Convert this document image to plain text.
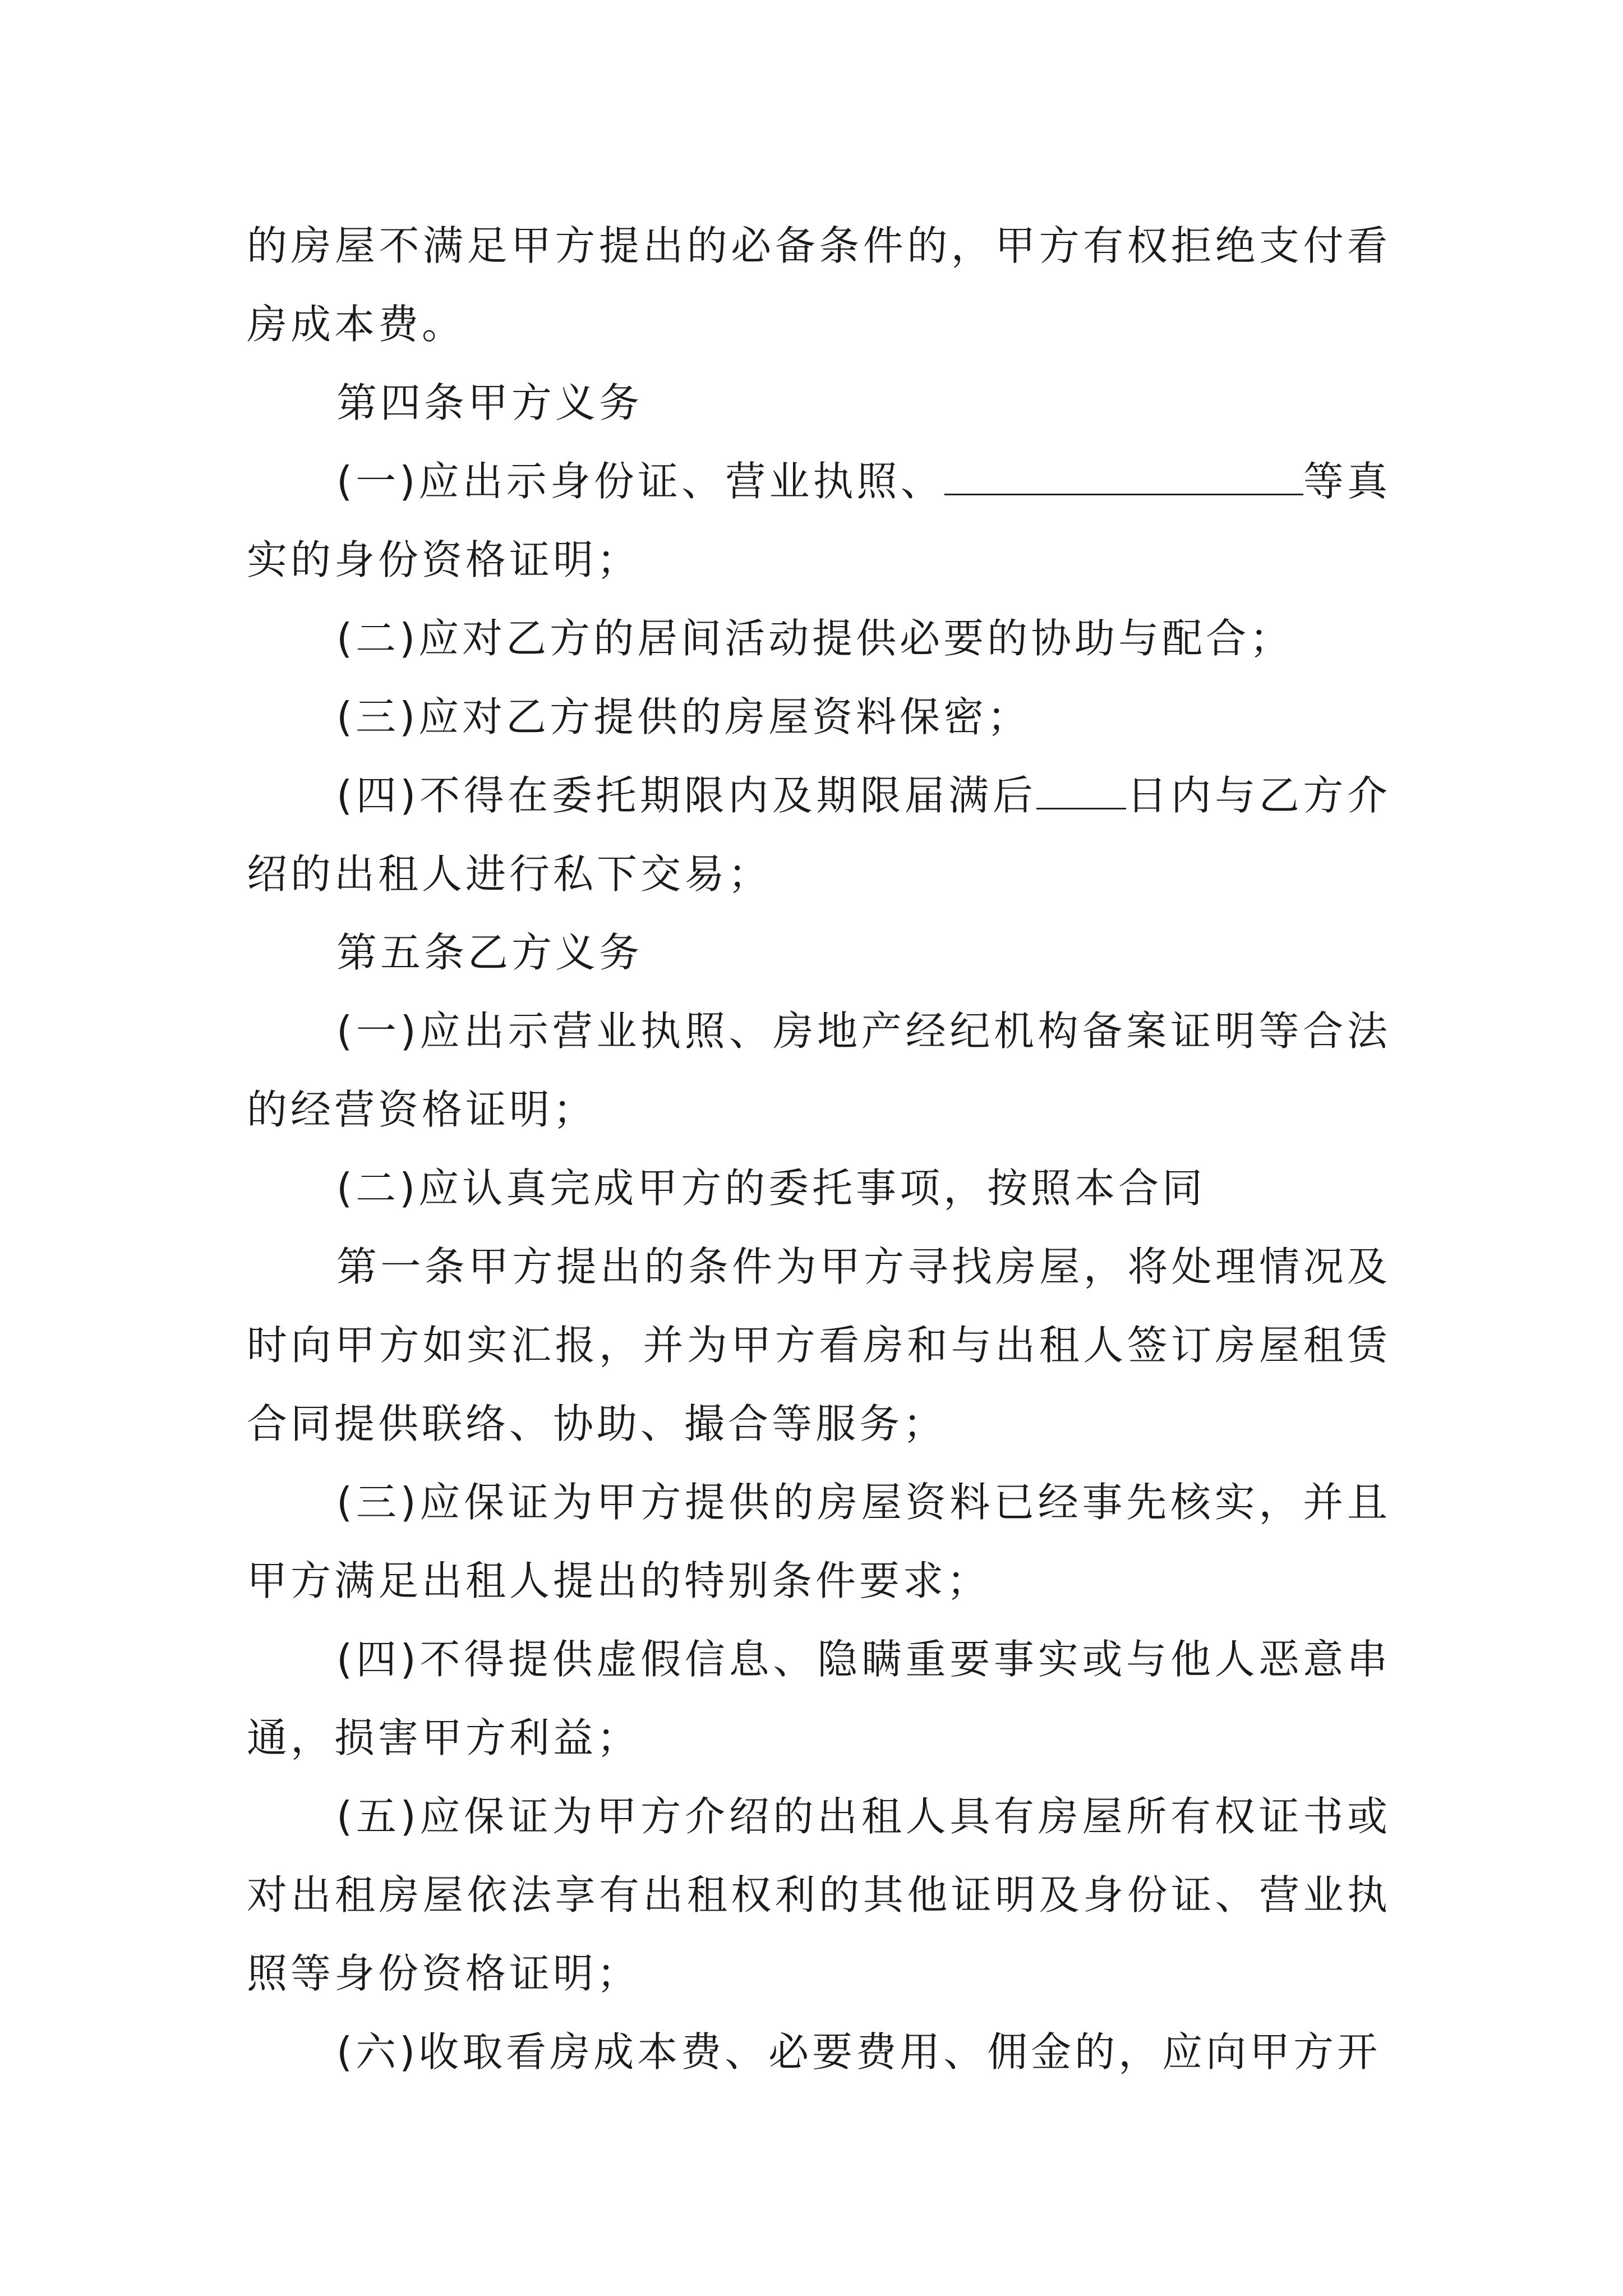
的房屋不满足甲方提出的必备条件的，甲方有权拒绝支付看房成本费。

第四条甲方义务

(一)应出示身份证、营业执照、	等真实的身份资格证明；

(二)应对乙方的居间活动提供必要的协助与配合；

(三)应对乙方提供的房屋资料保密；

(四)不得在委托期限内及期限届满后 日内与乙方介绍的出租人进行私下交易；

第五条乙方义务

(一)应出示营业执照、房地产经纪机构备案证明等合法的经营资格证明；

(二)应认真完成甲方的委托事项，按照本合同

第一条甲方提出的条件为甲方寻找房屋，将处理情况及时向甲方如实汇报，并为甲方看房和与出租人签订房屋租赁合同提供联络、协助、撮合等服务；

(三)应保证为甲方提供的房屋资料已经事先核实，并且甲方满足出租人提出的特别条件要求；

(四)不得提供虚假信息、隐瞒重要事实或与他人恶意串通，损害甲方利益；

(五)应保证为甲方介绍的出租人具有房屋所有权证书或对出租房屋依法享有出租权利的其他证明及身份证、营业执照等身份资格证明；

(六)收取看房成本费、必要费用、佣金的，应向甲方开
